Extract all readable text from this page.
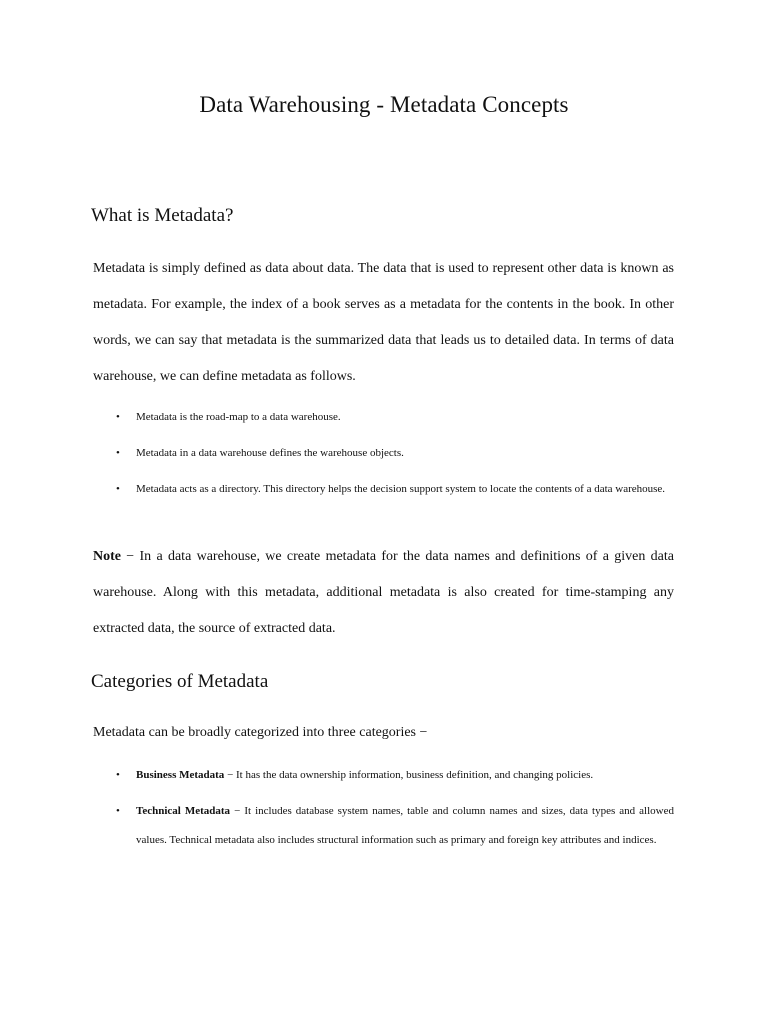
Data Warehousing - Metadata Concepts
What is Metadata?

Metadata is simply defined as data about data. The data that is used to represent other data is known as metadata. For example, the index of a book serves as a metadata for the contents in the book. In other words, we can say that metadata is the summarized data that leads us to detailed data. In terms of data warehouse, we can define metadata as follows.

• Metadata is the road-map to a data warehouse.
• Metadata in a data warehouse defines the warehouse objects.
• Metadata acts as a directory. This directory helps the decision support system to locate the contents of a data warehouse.

Note − In a data warehouse, we create metadata for the data names and definitions of a given data warehouse. Along with this metadata, additional metadata is also created for time-stamping any extracted data, the source of extracted data.

Categories of Metadata

Metadata can be broadly categorized into three categories −

• Business Metadata − It has the data ownership information, business definition, and changing policies.
• Technical Metadata − It includes database system names, table and column names and sizes, data types and allowed values. Technical metadata also includes structural information such as primary and foreign key attributes and indices.
